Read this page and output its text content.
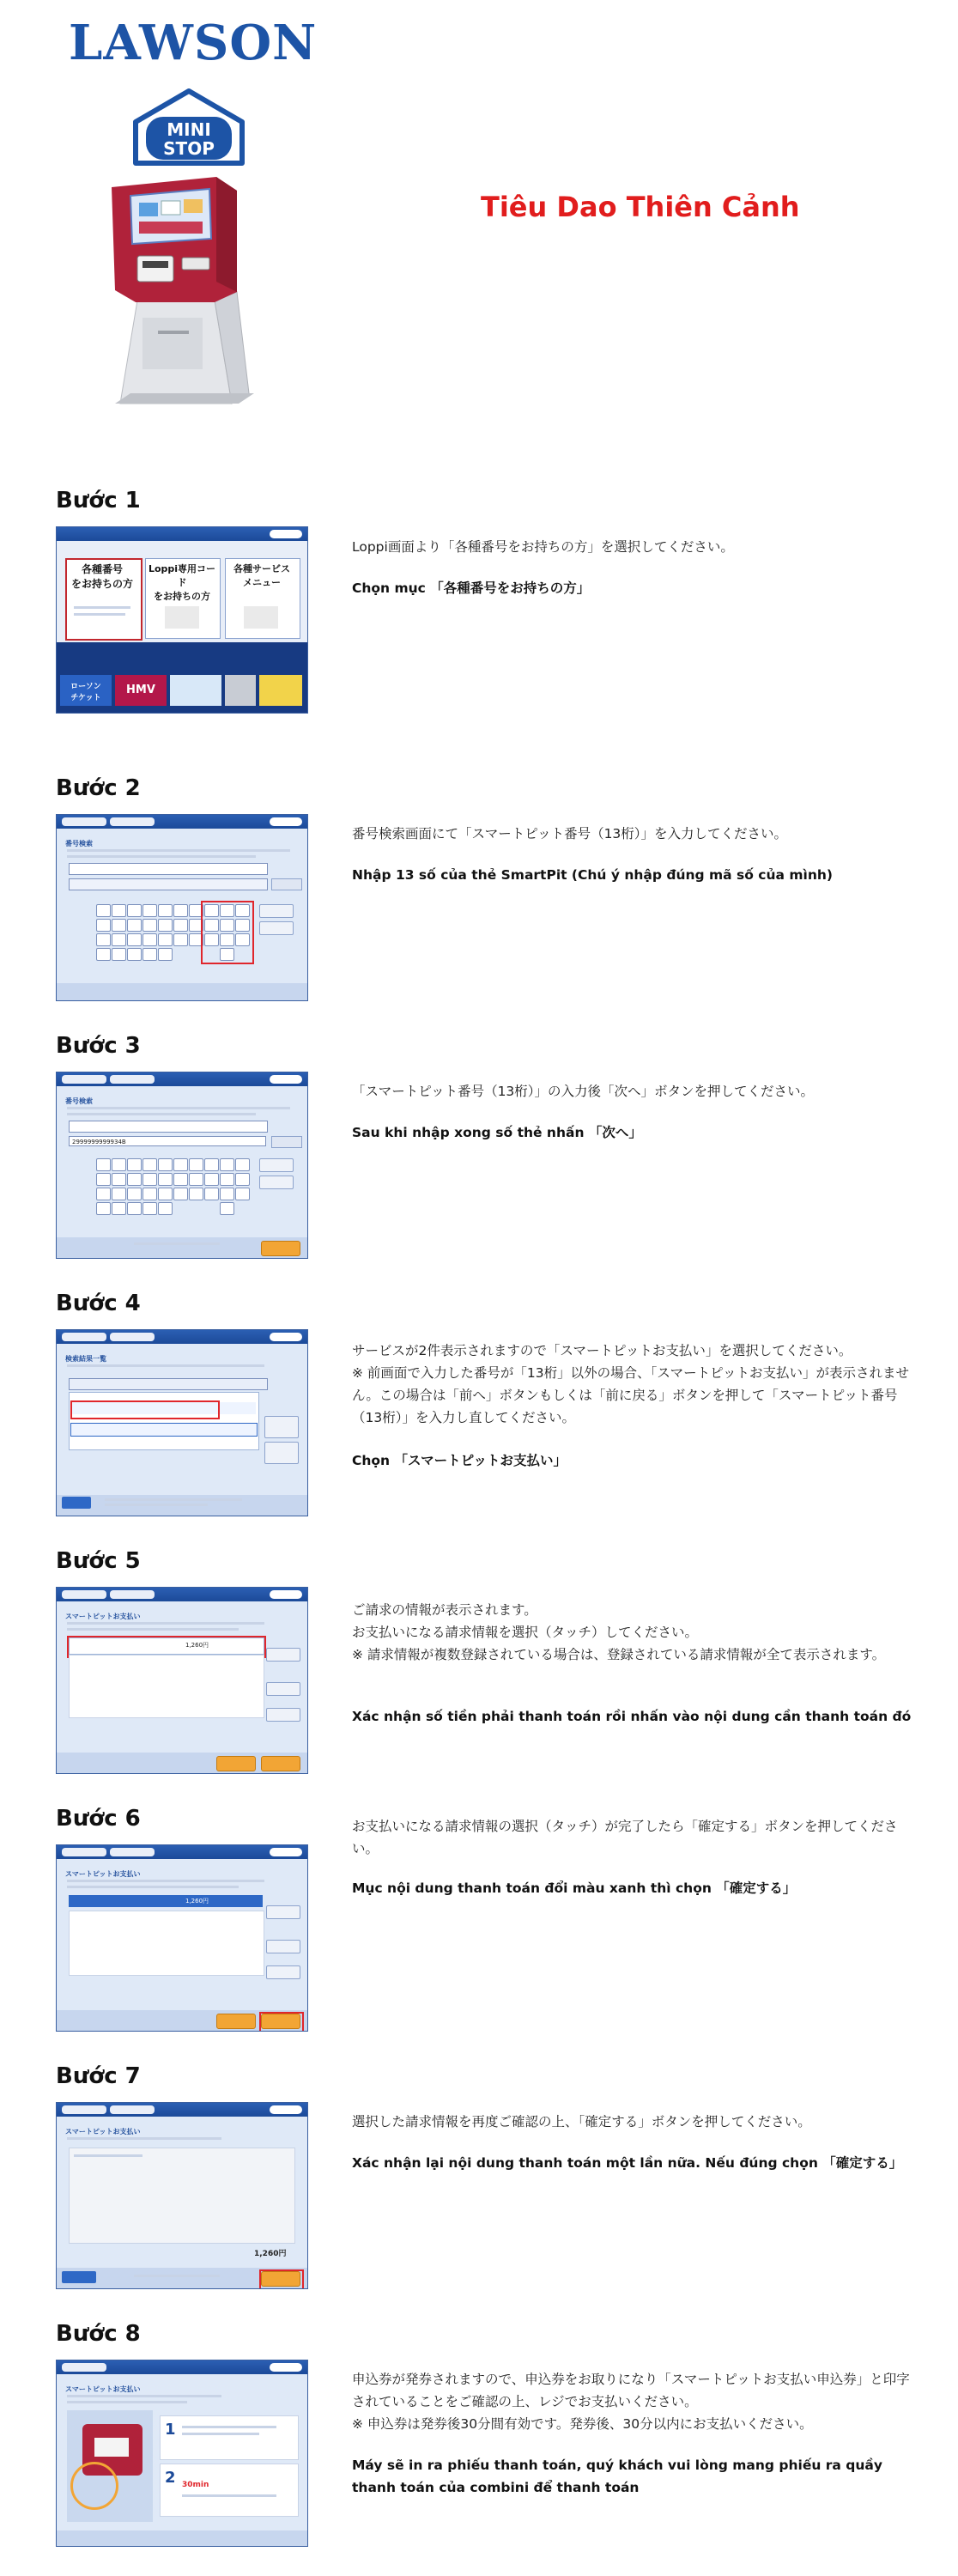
LAWSON
MINI
STOP
Tiêu Dao Thiên Cảnh
Bước 1
各種番号
をお持ちの方
Loppi専用コード
をお持ちの方
各種サービス
メニュー
ローソン
チケット
HMV
Loppi画面より「各種番号をお持ちの方」を選択してください。
Chọn mục 「各種番号をお持ちの方」
Bước 2
番号検索
番号検索画面にて「スマートピット番号（13桁）」を入力してください。
Nhập 13 số của thẻ SmartPit (Chú ý nhập đúng mã số của mình)
Bước 3
番号検索
2999999999934B
「スマートピット番号（13桁）」の入力後「次へ」ボタンを押してください。
Sau khi nhập xong số thẻ nhấn 「次へ」
Bước 4
検索結果一覧
サービスが2件表示されますので「スマートピットお支払い」を選択してください。
※ 前画面で入力した番号が「13桁」以外の場合、「スマートピットお支払い」が表示されません。この場合は「前へ」ボタンもしくは「前に戻る」ボタンを押して「スマートピット番号（13桁）」を入力し直してください。
Chọn 「スマートピットお支払い」
Bước 5
スマートピットお支払い
1,260円
ご請求の情報が表示されます。
お支払いになる請求情報を選択（タッチ）してください。
※ 請求情報が複数登録されている場合は、登録されている請求情報が全て表示されます。
Xác nhận số tiền phải thanh toán rồi nhấn vào nội dung cần thanh toán đó
Bước 6
スマートピットお支払い
1,260円
お支払いになる請求情報の選択（タッチ）が完了したら「確定する」ボタンを押してください。
Mục nội dung thanh toán đổi màu xanh thì chọn 「確定する」
Bước 7
スマートピットお支払い
1,260円
選択した請求情報を再度ご確認の上、「確定する」ボタンを押してください。
Xác nhận lại nội dung thanh toán một lần nữa. Nếu đúng chọn 「確定する」
Bước 8
スマートピットお支払い
1
2 30min
申込券が発券されますので、申込券をお取りになり「スマートピットお支払い申込券」と印字されていることをご確認の上、レジでお支払いください。
※ 申込券は発券後30分間有効です。発券後、30分以内にお支払いください。
Máy sẽ in ra phiếu thanh toán, quý khách vui lòng mang phiếu ra quầy thanh toán của combini để thanh toán
